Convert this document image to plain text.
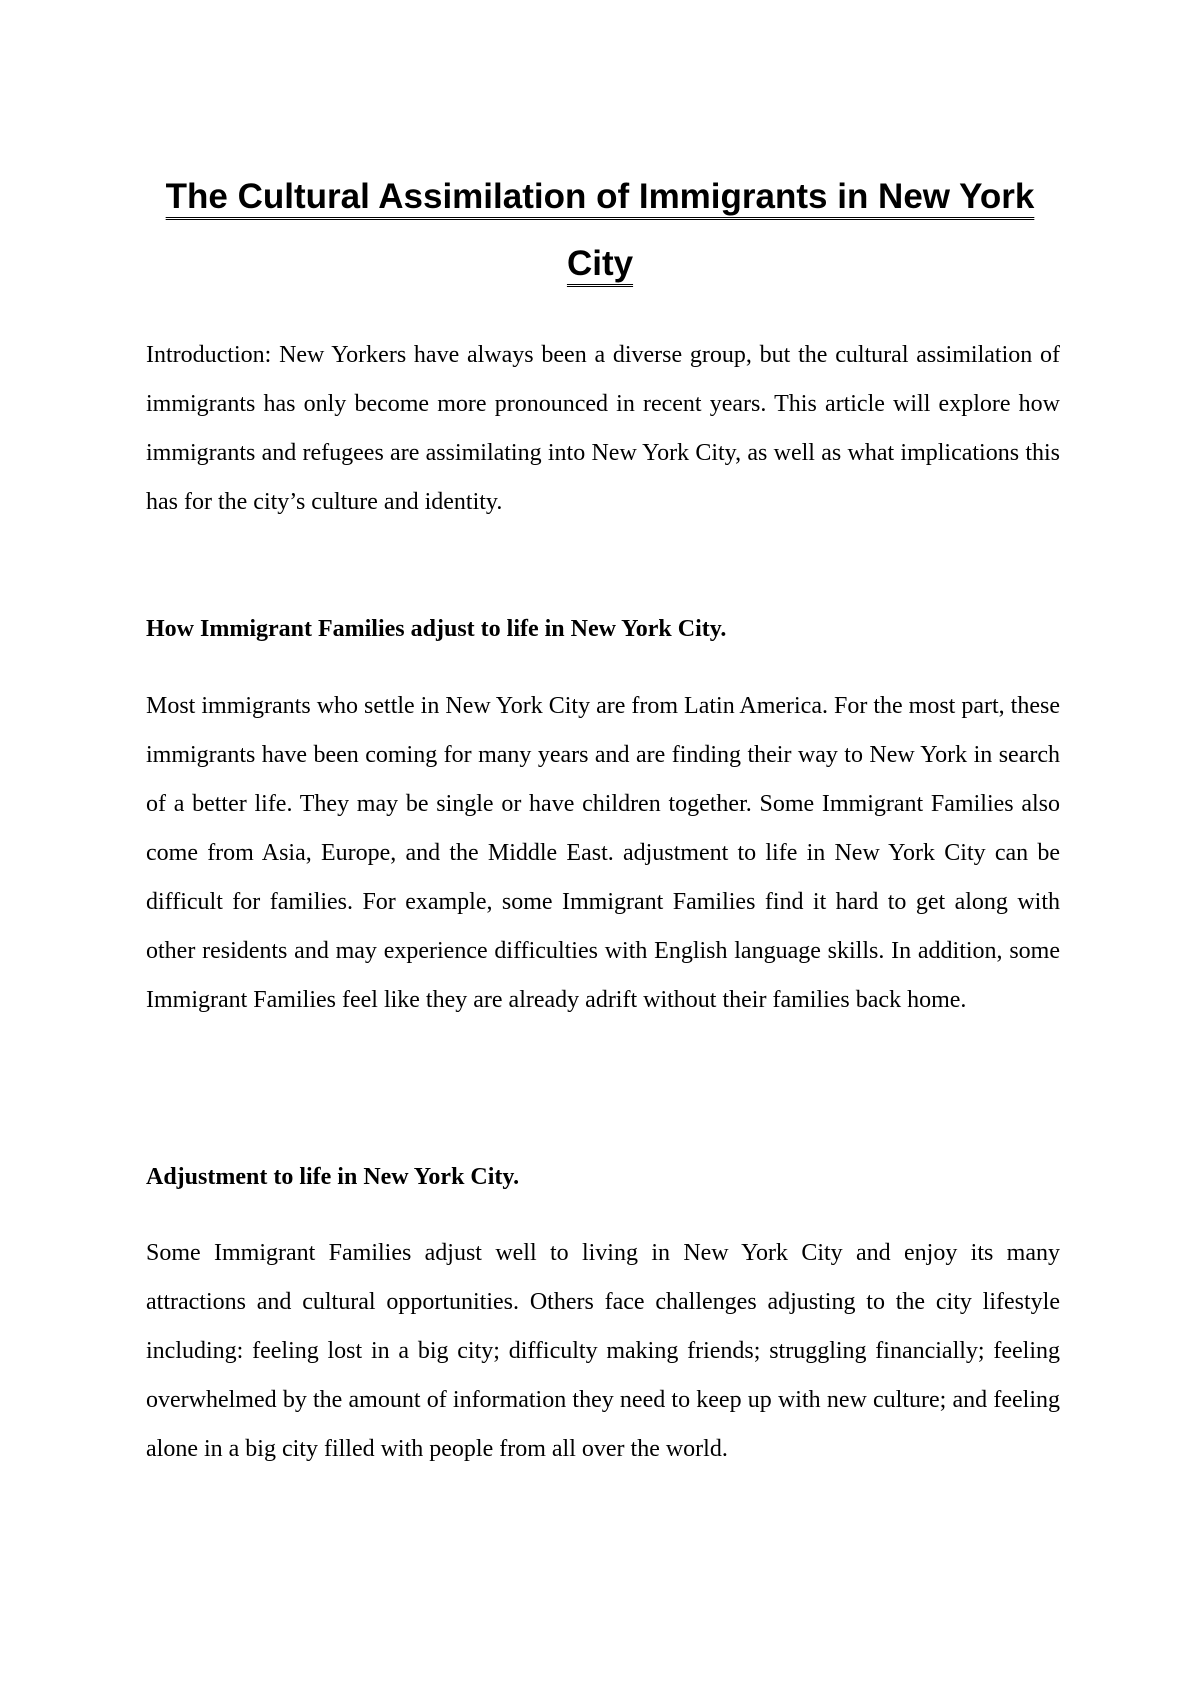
The Cultural Assimilation of Immigrants in New York City

Introduction: New Yorkers have always been a diverse group, but the cultural assimilation of immigrants has only become more pronounced in recent years. This article will explore how immigrants and refugees are assimilating into New York City, as well as what implications this has for the city’s culture and identity.

How Immigrant Families adjust to life in New York City.

Most immigrants who settle in New York City are from Latin America. For the most part, these immigrants have been coming for many years and are finding their way to New York in search of a better life. They may be single or have children together. Some Immigrant Families also come from Asia, Europe, and the Middle East. adjustment to life in New York City can be difficult for families. For example, some Immigrant Families find it hard to get along with other residents and may experience difficulties with English language skills. In addition, some Immigrant Families feel like they are already adrift without their families back home.

Adjustment to life in New York City.

Some Immigrant Families adjust well to living in New York City and enjoy its many attractions and cultural opportunities. Others face challenges adjusting to the city lifestyle including: feeling lost in a big city; difficulty making friends; struggling financially; feeling overwhelmed by the amount of information they need to keep up with new culture; and feeling alone in a big city filled with people from all over the world.
